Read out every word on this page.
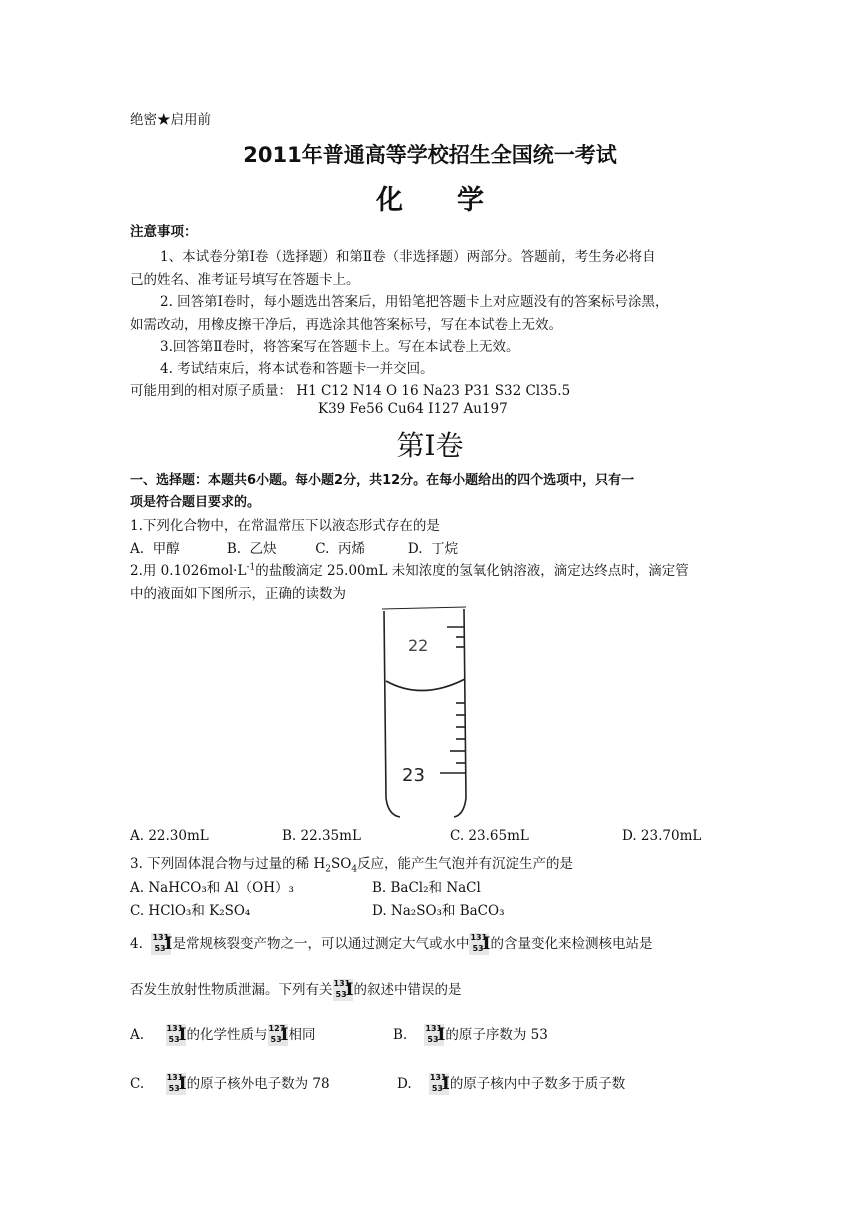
绝密★启用前
2011年普通高等学校招生全国统一考试
化　　学
注意事项：
1、本试卷分第Ⅰ卷（选择题）和第Ⅱ卷（非选择题）两部分。答题前，考生务必将自
己的姓名、准考证号填写在答题卡上。
2. 回答第Ⅰ卷时，每小题选出答案后，用铅笔把答题卡上对应题没有的答案标号涂黑，
如需改动，用橡皮擦干净后，再选涂其他答案标号，写在本试卷上无效。
3.回答第Ⅱ卷时，将答案写在答题卡上。写在本试卷上无效。
4. 考试结束后，将本试卷和答题卡一并交回。
可能用到的相对原子质量： H1 C12 N14 O 16 Na23 P31 S32 Cl35.5
K39 Fe56 Cu64 I127 Au197
第Ⅰ卷
一、选择题：本题共6小题。每小题2分，共12分。在每小题给出的四个选项中，只有一
项是符合题目要求的。
1.下列化合物中，在常温常压下以液态形式存在的是
A.  甲醇           B.  乙炔         C.  丙烯          D.  丁烷
2.用 $0.1026mol\cdot L^{-1}$的盐酸滴定 25.00mL 未知浓度的氢氧化钠溶液，滴定达终点时，滴定管
中的液面如下图所示，正确的读数为
22
23
A. 22.30mL	B. 22.35mL	C. 23.65mL	D. 23.70mL
3. 下列固体混合物与过量的稀 $H_2SO_4$反应，能产生气泡并有沉淀生产的是
A. NaHCO₃和 Al（OH）₃	B. BaCl₂和 NaCl
C. HClO₃和 K₂SO₄	D. Na₂SO₃和 BaCO₃
4. 131
53
I 是常规核裂变产物之一，可以通过测定大气或水中 131
53
I 的含量变化来检测核电站是
否发生放射性物质泄漏。下列有关 131
53
I 的叙述中错误的是
A.	131
53
I 的化学性质与 127
53
I 相同	B. 131
53
I 的原子序数为 53
C.	131
53
I 的原子核外电子数为 78	D. 131
53
I 的原子核内中子数多于质子数
